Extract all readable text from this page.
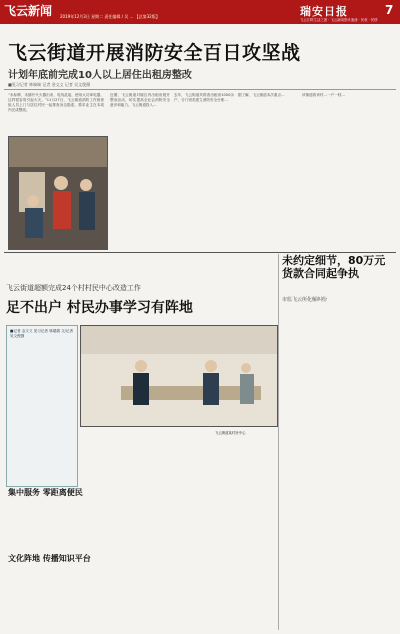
飞云新闻 2019年12月3日 星期二 责任编辑 / 吴 ... 【总第32版】	瑞安日报	7
飞云江畔生活之窗 · 飞云新闻资讯速递 · 民意 · 民情
飞云街道开展消防安全百日攻坚战
计划年底前完成10人以上居住出租房整改
■见习记者 林端端 记者 金文义 记者 吴文俊摄
“未标牌，未挪开灭火器出来，电线乱接，使用大功率电器，这样很容易引起火灾。”11月27日，飞云街道消防工作督查组人员上门与居住村民一起排查身边隐患，要求业主在本周内完成整改。
近期，飞云街道对辖区内出租房展开整治活动，切实提高全社会消防安全意识和能力。飞云街道投入...
去年，飞云街道共排查出租房1000余户，分门别类建立消防安全台账...
据了解，飞云街道本次重点...	该街道将该村...一户一档...
飞云街道超额完成24个村村民中心改造工作
足不出户 村民办事学习有阵地
■记者 金文义 见习记者 林端端 文/记者 吴文俊摄
飞云街道某村民中心
集中服务 零距离便民
文化阵地 传播知识平台
未约定细节，80万元货款合同起争执
市监飞云所化解纠纷
